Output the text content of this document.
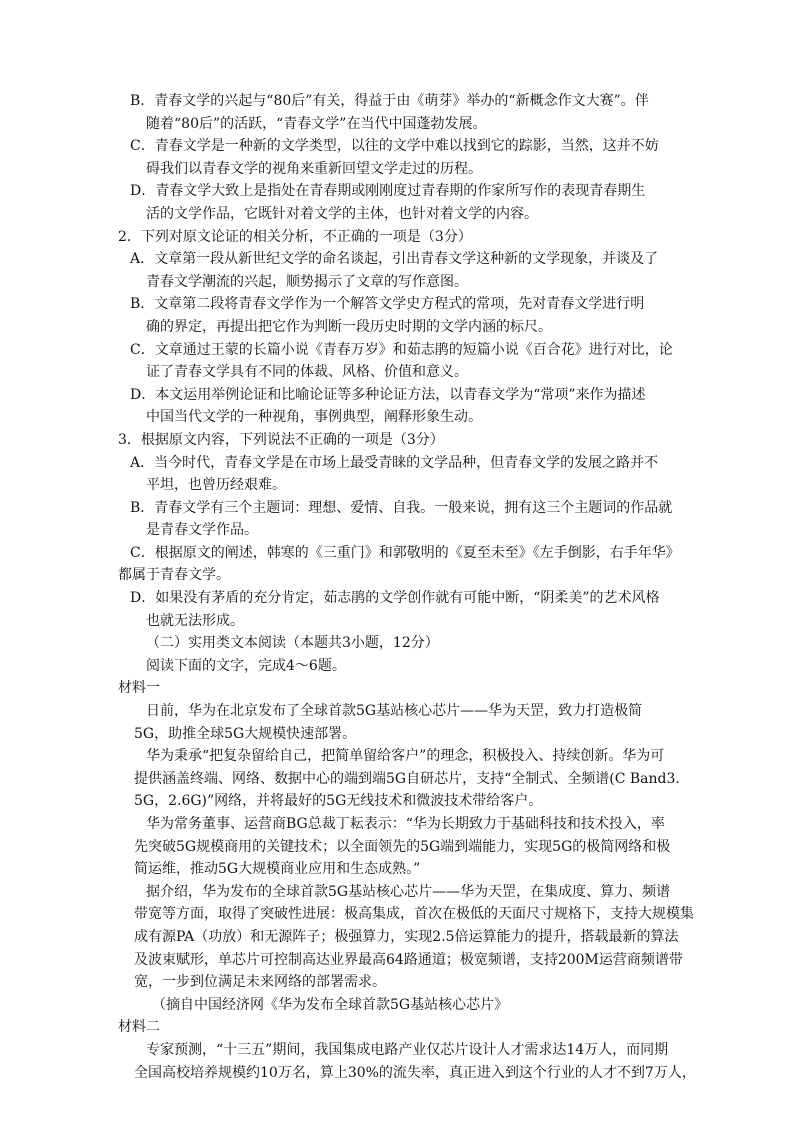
B．青春文学的兴起与“80后”有关，得益于由《萌芽》举办的“新概念作文大赛”。伴
随着“80后”的活跃，“青春文学”在当代中国蓬勃发展。
C．青春文学是一种新的文学类型，以往的文学中难以找到它的踪影，当然，这并不妨
碍我们以青春文学的视角来重新回望文学走过的历程。
D．青春文学大致上是指处在青春期或刚刚度过青春期的作家所写作的表现青春期生
活的文学作品，它既针对着文学的主体，也针对着文学的内容。
2．下列对原文论证的相关分析，不正确的一项是（3分）
A．文章第一段从新世纪文学的命名谈起，引出青春文学这种新的文学现象，并谈及了
青春文学潮流的兴起，顺势揭示了文章的写作意图。
B．文章第二段将青春文学作为一个解答文学史方程式的常项，先对青春文学进行明
确的界定，再提出把它作为判断一段历史时期的文学内涵的标尺。
C．文章通过王蒙的长篇小说《青春万岁》和茹志鹃的短篇小说《百合花》进行对比，论
证了青春文学具有不同的体裁、风格、价值和意义。
D．本文运用举例论证和比喻论证等多种论证方法，以青春文学为“常项”来作为描述
中国当代文学的一种视角，事例典型，阐释形象生动。
3．根据原文内容，下列说法不正确的一项是（3分）
A．当今时代，青春文学是在市场上最受青睐的文学品种，但青春文学的发展之路并不
平坦，也曾历经艰难。
B．青春文学有三个主题词：理想、爱情、自我。一般来说，拥有这三个主题词的作品就
是青春文学作品。
C．根据原文的阐述，韩寒的《三重门》和郭敬明的《夏至未至》《左手倒影，右手年华》
都属于青春文学。
D．如果没有茅盾的充分肯定，茹志鹃的文学创作就有可能中断，“阴柔美”的艺术风格
也就无法形成。
（二）实用类文本阅读（本题共3小题，12分）
阅读下面的文字，完成4～6题。
材料一
日前，华为在北京发布了全球首款5G基站核心芯片——华为天罡，致力打造极简
5G，助推全球5G大规模快速部署。
华为秉承“把复杂留给自己，把简单留给客户”的理念，积极投入、持续创新。华为可
提供涵盖终端、网络、数据中心的端到端5G自研芯片，支持“全制式、全频谱(C Band3.
5G，2.6G)”网络，并将最好的5G无线技术和微波技术带给客户。
华为常务董事、运营商BG总裁丁耘表示：“华为长期致力于基础科技和技术投入，率
先突破5G规模商用的关键技术；以全面领先的5G端到端能力，实现5G的极简网络和极
简运维，推动5G大规模商业应用和生态成熟。”
据介绍，华为发布的全球首款5G基站核心芯片——华为天罡，在集成度、算力、频谱
带宽等方面，取得了突破性进展：极高集成，首次在极低的天面尺寸规格下，支持大规模集
成有源PA（功放）和无源阵子；极强算力，实现2.5倍运算能力的提升，搭载最新的算法
及波束赋形，单芯片可控制高达业界最高64路通道；极宽频谱，支持200M运营商频谱带
宽，一步到位满足未来网络的部署需求。
（摘自中国经济网《华为发布全球首款5G基站核心芯片》
材料二
专家预测，“十三五”期间，我国集成电路产业仅芯片设计人才需求达14万人，而同期
全国高校培养规模约10万名，算上30%的流失率，真正进入到这个行业的人才不到7万人，
